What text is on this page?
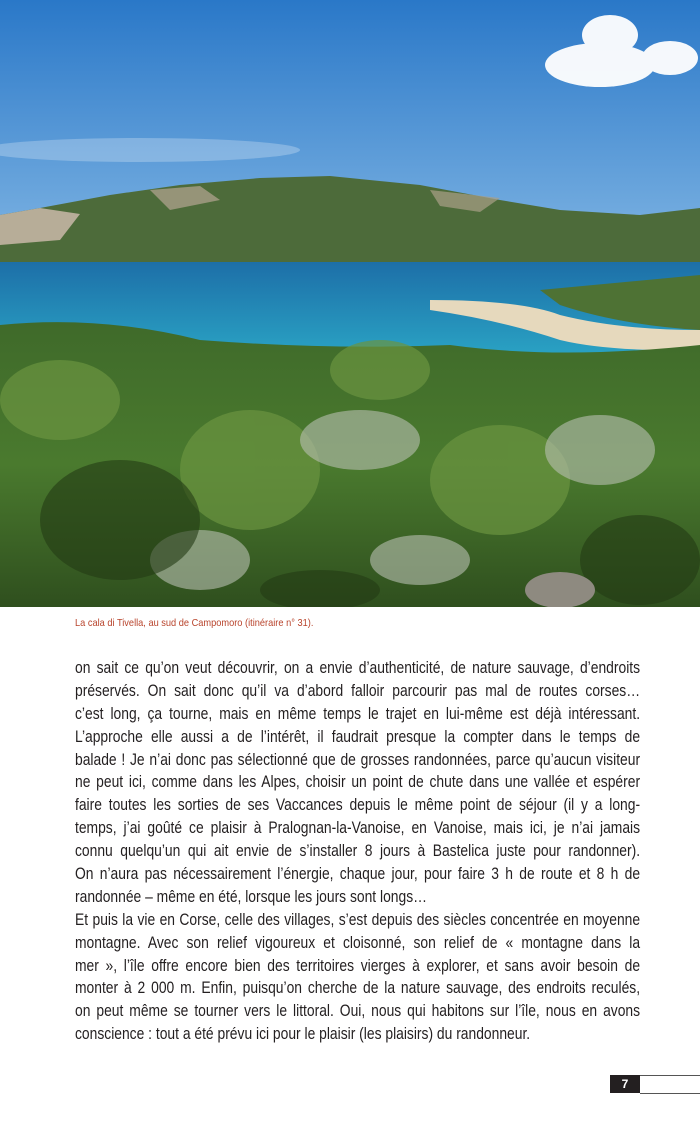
La cala di Tivella, au sud de Campomoro (itinéraire n° 31).
on sait ce qu’on veut découvrir, on a envie d’authenticité, de nature sauvage, d’endroits
préservés. On sait donc qu’il va d’abord falloir parcourir pas mal de routes corses…
c’est long, ça tourne, mais en même temps le trajet en lui-même est déjà intéressant.
L’approche elle aussi a de l’intérêt, il faudrait presque la compter dans le temps de
balade ! Je n’ai donc pas sélectionné que de grosses randonnées, parce qu’aucun visiteur
ne peut ici, comme dans les Alpes, choisir un point de chute dans une vallée et espérer
faire toutes les sorties de ses Vaccances depuis le même point de séjour (il y a long-
temps, j’ai goûté ce plaisir à Pralognan-la-Vanoise, en Vanoise, mais ici, je n’ai jamais
connu quelqu’un qui ait envie de s’installer 8 jours à Bastelica juste pour randonner).
On n’aura pas nécessairement l’énergie, chaque jour, pour faire 3 h de route et 8 h de
randonnée – même en été, lorsque les jours sont longs…
Et puis la vie en Corse, celle des villages, s’est depuis des siècles concentrée en moyenne
montagne. Avec son relief vigoureux et cloisonné, son relief de « montagne dans la
mer », l’île offre encore bien des territoires vierges à explorer, et sans avoir besoin de
monter à 2 000 m. Enfin, puisqu’on cherche de la nature sauvage, des endroits reculés,
on peut même se tourner vers le littoral. Oui, nous qui habitons sur l’île, nous en avons
conscience : tout a été prévu ici pour le plaisir (les plaisirs) du randonneur.
7
